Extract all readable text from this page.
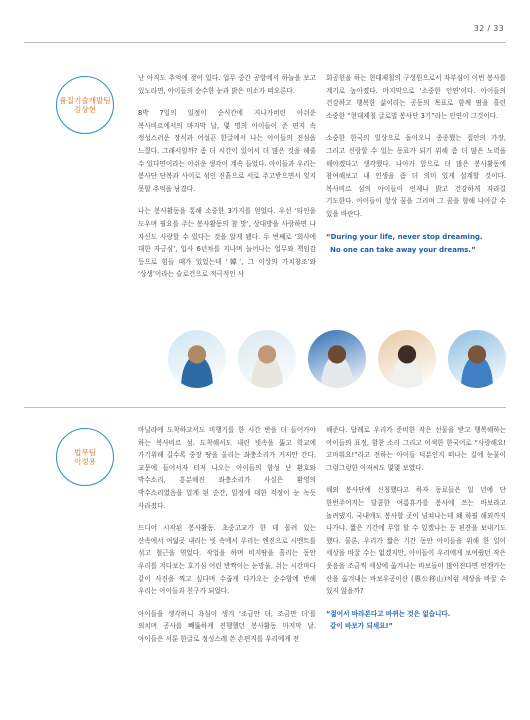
32 / 33
품질기술개발팀
김상현

난 아직도 추억에 젖어 있다. 업무 중간 공항에서 하늘을 보고 있노라면, 아이들의 순수한 눈과 밝은 미소가 떠오른다.

8박 7일의 일정이 순식간에 지나가버린 아쉬운 복사비르에서의 마지막 날, 몇 명의 아이들이 준 편지 속 정성스러운 장식과 어설픈 한글에서 나는 아이들의 진심을 느꼈다. 그래서일까? 좀 더 시간이 있어서 더 많은 것을 해줄 수 있다면이라는 아쉬운 생각이 계속 들었다. 아이들과 우리는 봉사단 단복과 사이로 섞인 진흙으로 서로 주고받으면서 잊지 못할 추억을 남겼다.

나는 봉사활동을 통해 소중한 3가지를 얻었다. 우선 ‘타인을 도우며 필요를 주는 봉사활동의 참 맛’, 상대방을 사랑하면 나 자신도 사랑할 수 있다는 것을 알게 됐다. 두 번째로 ‘회사에 대한 자긍심’, 입사 6년차를 지나며 늘어나는 업무와 책임감 등으로 힘들 때가 있었는데 ‘韓’, 그 이상의 가치창조’와 ‘상생’이라는 슬로건으로 적극적인 사

회공헌을 하는 현대제철의 구성원으로서 자부심이 이번 봉사를 계기로 높아졌다. 마지막으로 ‘소중한 인연’이다. 아이들의 건강하고 행복한 삶이라는 공동의 목표로 함께 땀을 흘린 소중한 “현대제철 글로벌 봉사단 3기”라는 인연이 그것이다.

소중한 한국의 일상으로 돌아오니 종종했는 집안의 가장, 그리고 신랑할 수 있는 동료가 되기 위해 좀 더 많은 노력을 해야겠다고 생각했다. 나아가 앞으로 더 많은 봉사활동에 참여해보고 내 인생을 좀 더 의미 있게 설계할 것이다. 복사비르 섬의 아이들이 언제나 밝고 건강하게 자라길 기도한다. 아이들이 항상 꿈을 그리며 그 꿈을 향해 나아갈 수 있을 바란다.

“During your life, never stop dreaming.
No one can take away your dreams.”
법무팀
이정용

마닐라에 도착하고서도 비행기를 한 시간 반을 더 들어가야 하는 복사비르 섬. 도착해서도 내린 빗속을 뚫고 학교에 가기위해 길수록 중장 땅을 올리는 좌충소리가 거저만 간다. 교문에 들어서자 터져 나오는 아이들의 함성 난 환호와 박수소리, 흥분해진 좌충소리가 사실은 환영의 박수소리였음을 알게 된 순간, 일정에 대한 걱정이 눈 녹듯 사라졌다.

드디어 시작된 봉사활동. 초중고교가 한 데 몰려 있는 산속에서 여덟곳 내리는 빗 속에서 우리는 엔진으로 시멘트를 섞고 철근을 엮었다. 작업을 하며 비지땀을 흘리는 동안 우리를 지다보는 호기심 어린 반짝이는 눈망울, 쉬는 시간마다 같이 사진을 찍고 싶다며 수줍게 다가오는 순수함에 반해 우리는 아이들과 친구가 되었다.

아이들을 생각하니 욕심이 생겨 ‘조금만 더, 조금만 더’를 외치며 공사를 빼뚫하게 진행했던 봉사활동 마지막 날. 아이들은 서툰 한글로 정성스레 쓴 손편지를 우리에게 전

해준다. 답례로 우리가 준비한 작은 선물을 받고 행복해하는 아이들의 표정, 함찬 소리 그리고 어색한 한국어로 “사랑해요! 고마워요!”라고 전하는 아이들 덕분인지 떠나는 길에 눈물이 그렁그렁한 아저씨도 몇몇 보였다.

해외 봉사단에 신청했다고 하자 동료들은 일 년에 단 한번주어지는 달콤한 여름휴가를 봉사에 쓰는 바보라고 놀려댔지. 국내에도 봉사할 곳이 넘쳐나는데 왜 하필 해외까지 나가냐. 짧은 기간에 무얼 할 수 있겠냐는 등 핀잔을 보내기도 했다. 물론, 우리가 짧은 기간 동안 아이들을 위해 한 일이 세상을 바꿀 수는 없겠지만, 아이들이 우리에게 보여줬던 작은 웃음을 조금씩 세상에 옮겨나는 바보들이 많아진다면 언젠가는 산을 옮겨내는 바보우공이산 (愚公移山)처럼 세상을 바꿀 수 있지 않을까?

“젊어서 바라본다고 바뀌는 것은 없습니다.
같이 바보가 되세요!”
